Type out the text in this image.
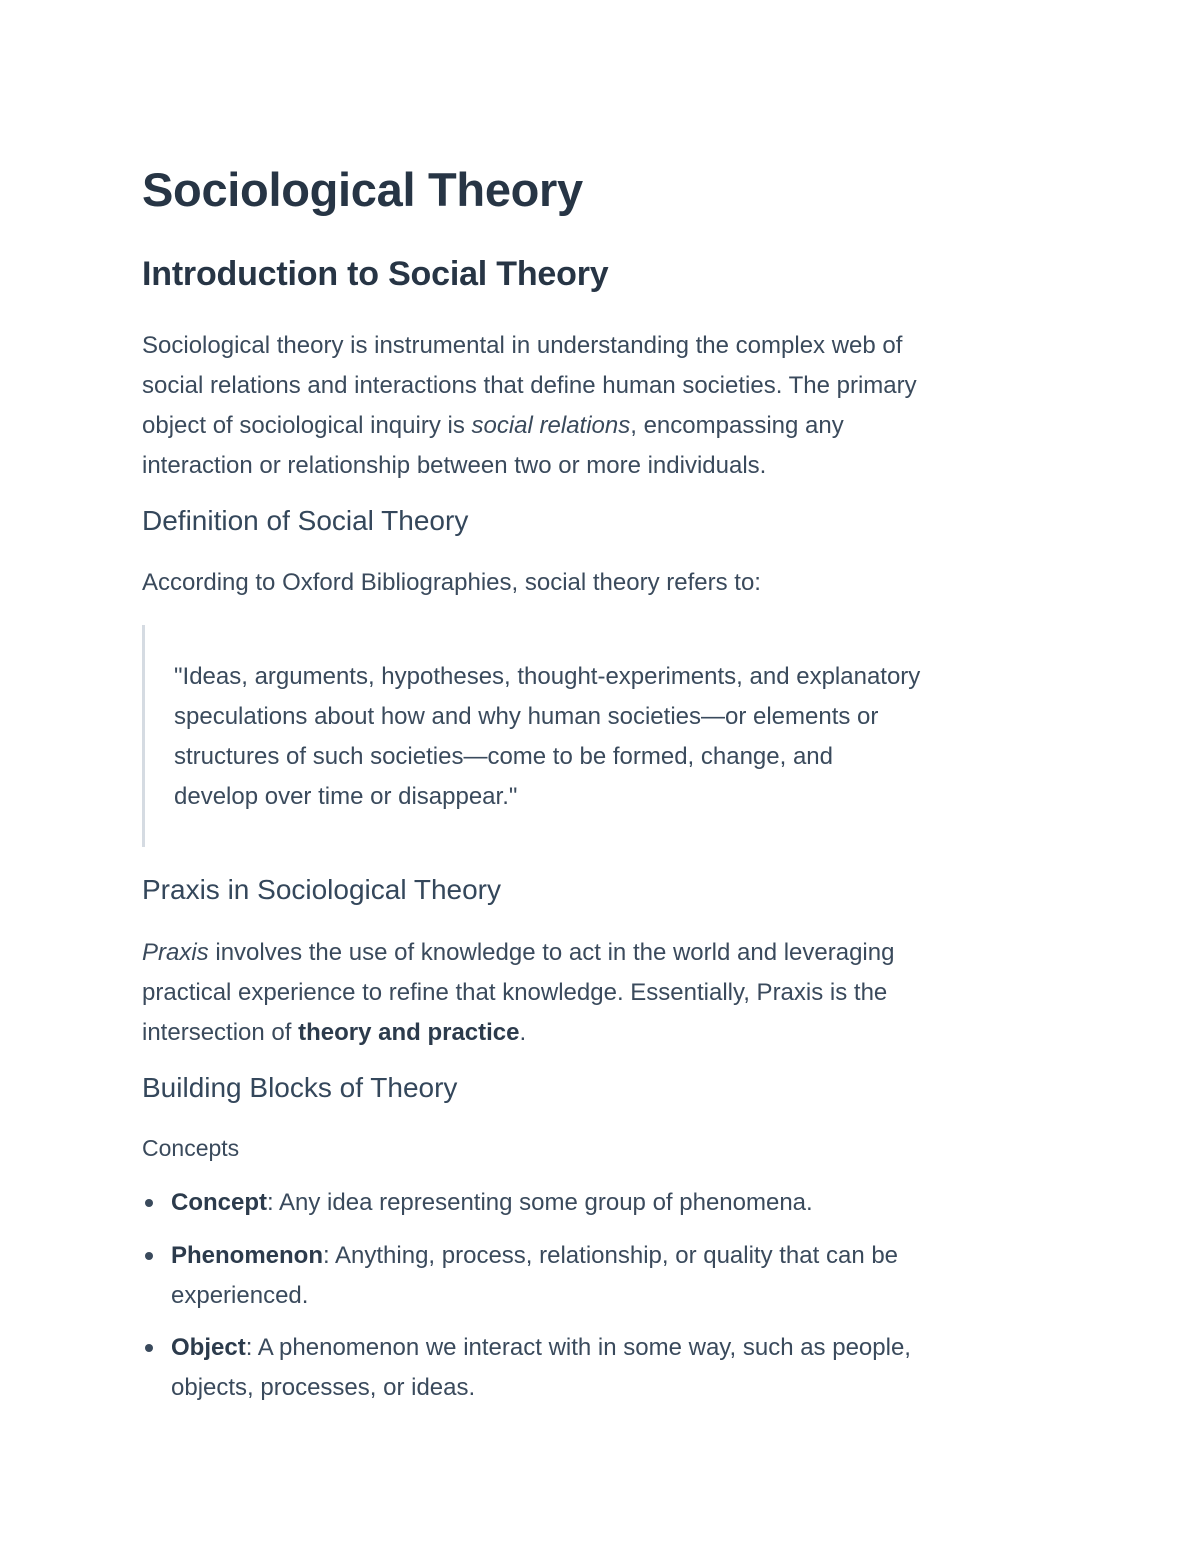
Sociological Theory
Introduction to Social Theory

Sociological theory is instrumental in understanding the complex web of
social relations and interactions that define human societies. The primary
object of sociological inquiry is social relations, encompassing any
interaction or relationship between two or more individuals.

Definition of Social Theory

According to Oxford Bibliographies, social theory refers to:

"Ideas, arguments, hypotheses, thought-experiments, and explanatory
speculations about how and why human societies—or elements or
structures of such societies—come to be formed, change, and
develop over time or disappear."

Praxis in Sociological Theory

Praxis involves the use of knowledge to act in the world and leveraging
practical experience to refine that knowledge. Essentially, Praxis is the
intersection of theory and practice.

Building Blocks of Theory
Concepts
Concept: Any idea representing some group of phenomena.
Phenomenon: Anything, process, relationship, or quality that can be
experienced.
Object: A phenomenon we interact with in some way, such as people,
objects, processes, or ideas.
